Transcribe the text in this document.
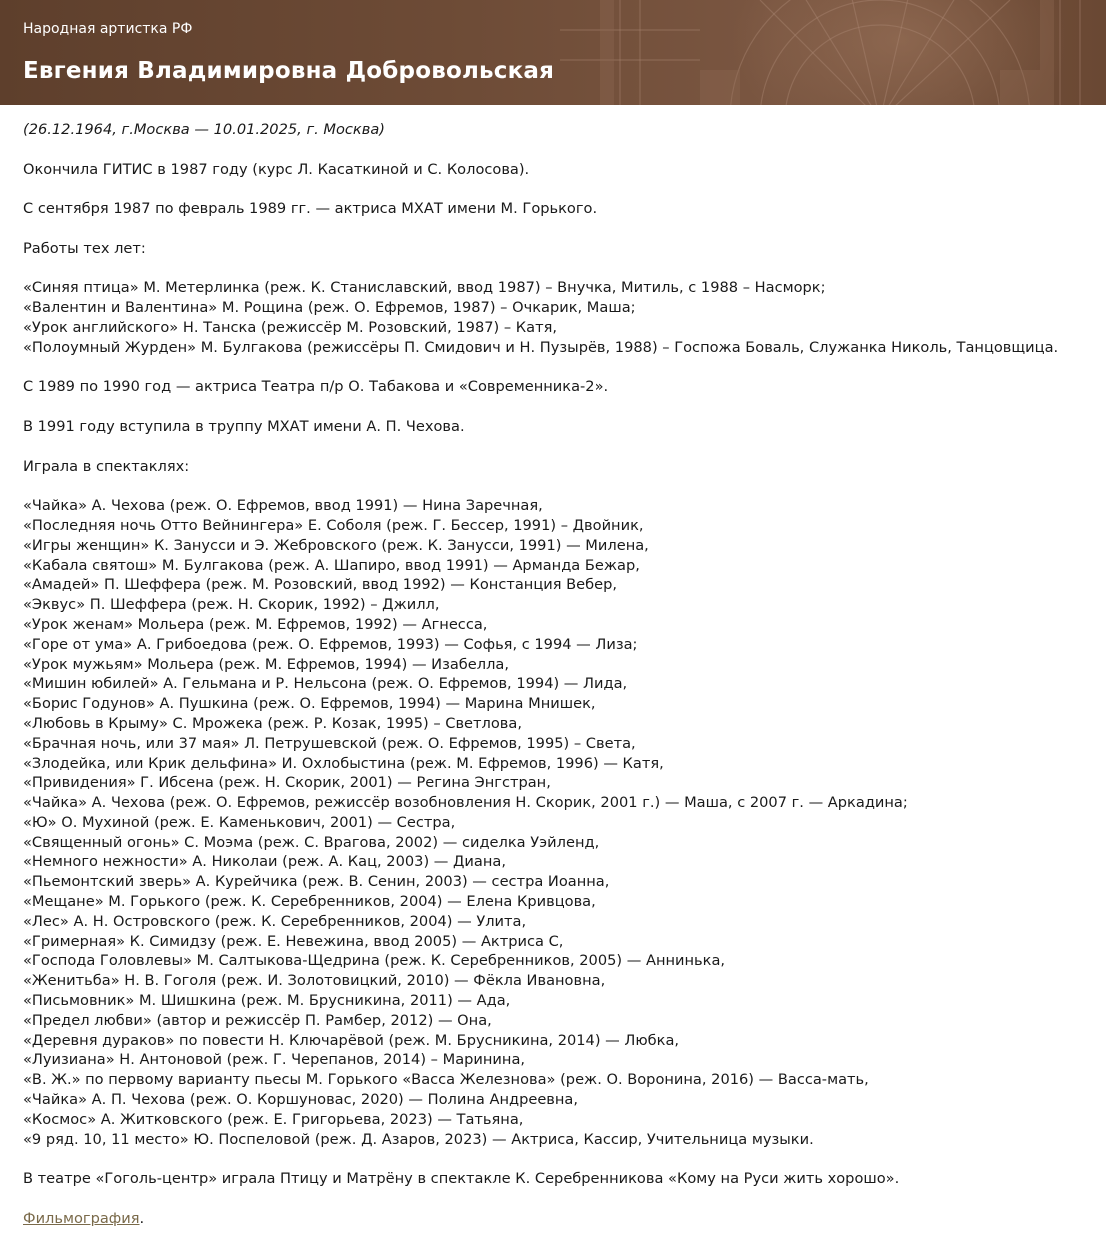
Народная артистка РФ
Евгения Владимировна Добровольская

(26.12.1964, г.Москва — 10.01.2025, г. Москва)

Окончила ГИТИС в 1987 году (курс Л. Касаткиной и С. Колосова).

С сентября 1987 по февраль 1989 гг. — актриса МХАТ имени М. Горького.

Работы тех лет:

«Синяя птица» М. Метерлинка (реж. К. Станиславский, ввод 1987) – Внучка, Митиль, с 1988 – Насморк;

«Валентин и Валентина» М. Рощина (реж. О. Ефремов, 1987) – Очкарик, Маша;

«Урок английского» Н. Танска (режиссёр М. Розовский, 1987) – Катя,

«Полоумный Журден» М. Булгакова (режиссёры П. Смидович и Н. Пузырёв, 1988) – Госпожа Боваль, Служанка Николь, Танцовщица.

С 1989 по 1990 год — актриса Театра п/р О. Табакова и «Современника-2».

В 1991 году вступила в труппу МХАТ имени А. П. Чехова.

Играла в спектаклях:

«Чайка» А. Чехова (реж. О. Ефремов, ввод 1991) — Нина Заречная,

«Последняя ночь Отто Вейнингера» Е. Соболя (реж. Г. Бессер, 1991) – Двойник,

«Игры женщин» К. Занусси и Э. Жебровского (реж. К. Занусси, 1991) — Милена,

«Кабала святош» М. Булгакова (реж. А. Шапиро, ввод 1991) — Арманда Бежар,

«Амадей» П. Шеффера (реж. М. Розовский, ввод 1992) — Констанция Вебер,

«Эквус» П. Шеффера (реж. Н. Скорик, 1992) – Джилл,

«Урок женам» Мольера (реж. М. Ефремов, 1992) — Агнесса,

«Горе от ума» А. Грибоедова (реж. О. Ефремов, 1993) — Софья, с 1994 — Лиза;

«Урок мужьям» Мольера (реж. М. Ефремов, 1994) — Изабелла,

«Мишин юбилей» А. Гельмана и Р. Нельсона (реж. О. Ефремов, 1994) — Лида,

«Борис Годунов» А. Пушкина (реж. О. Ефремов, 1994) — Марина Мнишек,

«Любовь в Крыму» С. Мрожека (реж. Р. Козак, 1995) – Светлова,

«Брачная ночь, или 37 мая» Л. Петрушевской (реж. О. Ефремов, 1995) – Света,

«Злодейка, или Крик дельфина» И. Охлобыстина (реж. М. Ефремов, 1996) — Катя,

«Привидения» Г. Ибсена (реж. Н. Скорик, 2001) — Регина Энгстран,

«Чайка» А. Чехова (реж. О. Ефремов, режиссёр возобновления Н. Скорик, 2001 г.) — Маша, с 2007 г. — Аркадина;

«Ю» О. Мухиной (реж. Е. Каменькович, 2001) — Сестра,

«Священный огонь» С. Моэма (реж. С. Врагова, 2002) — сиделка Уэйленд,

«Немного нежности» А. Николаи (реж. А. Кац, 2003) — Диана,

«Пьемонтский зверь» А. Курейчика (реж. В. Сенин, 2003) — сестра Иоанна,

«Мещане» М. Горького (реж. К. Серебренников, 2004) — Елена Кривцова,

«Лес» А. Н. Островского (реж. К. Серебренников, 2004) — Улита,

«Гримерная» К. Симидзу (реж. Е. Невежина, ввод 2005) — Актриса С,

«Господа Головлевы» М. Салтыкова-Щедрина (реж. К. Серебренников, 2005) — Аннинька,

«Женитьба» Н. В. Гоголя (реж. И. Золотовицкий, 2010) — Фёкла Ивановна,

«Письмовник» М. Шишкина (реж. М. Брусникина, 2011) — Ада,

«Предел любви» (автор и режиссёр П. Рамбер, 2012) — Она,

«Деревня дураков» по повести Н. Ключарёвой (реж. М. Брусникина, 2014) — Любка,

«Луизиана» Н. Антоновой (реж. Г. Черепанов, 2014) – Маринина,

«В. Ж.» по первому варианту пьесы М. Горького «Васса Железнова» (реж. О. Воронина, 2016) — Васса-мать,

«Чайка» А. П. Чехова (реж. О. Коршуновас, 2020) — Полина Андреевна,

«Космос» А. Житковского (реж. Е. Григорьева, 2023) — Татьяна,

«9 ряд. 10, 11 место» Ю. Поспеловой (реж. Д. Азаров, 2023) — Актриса, Кассир, Учительница музыки.

В театре «Гоголь-центр» играла Птицу и Матрёну в спектакле К. Серебренникова «Кому на Руси жить хорошо».

Фильмография.
